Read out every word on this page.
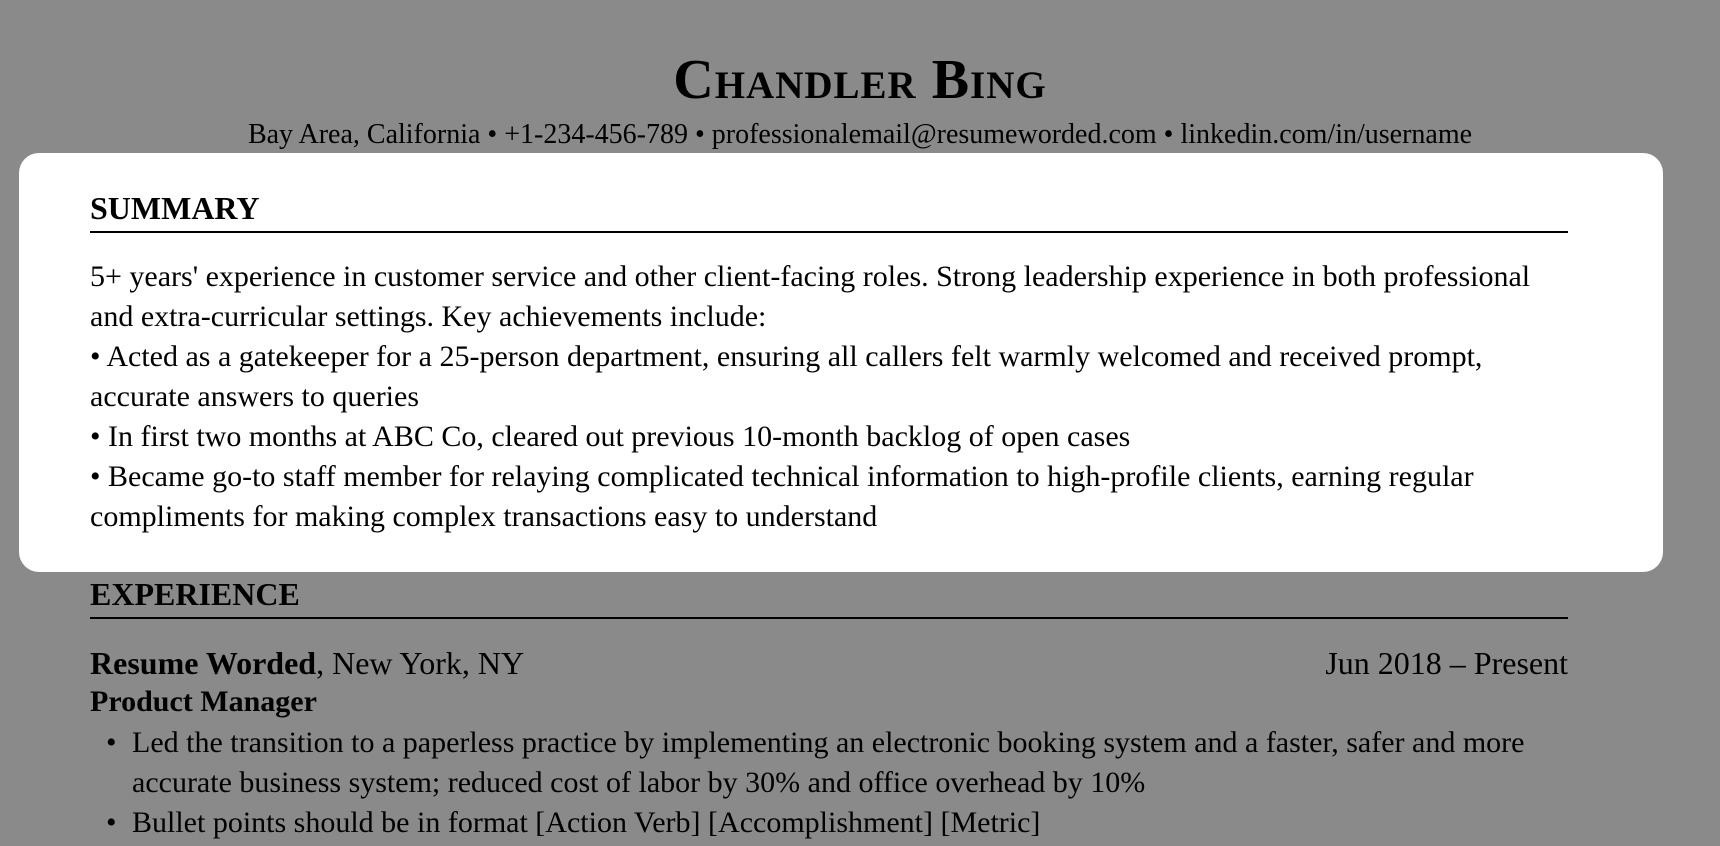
Chandler Bing
Bay Area, California • +1-234-456-789 • professionalemail@resumeworded.com • linkedin.com/in/username
SUMMARY

5+ years' experience in customer service and other client-facing roles. Strong leadership experience in both professional and extra-curricular settings. Key achievements include:

• Acted as a gatekeeper for a 25-person department, ensuring all callers felt warmly welcomed and received prompt, accurate answers to queries

• In first two months at ABC Co, cleared out previous 10-month backlog of open cases

• Became go-to staff member for relaying complicated technical information to high-profile clients, earning regular compliments for making complex transactions easy to understand

EXPERIENCE
Resume Worded, New York, NY	Jun 2018 – Present
Product Manager
• Led the transition to a paperless practice by implementing an electronic booking system and a faster, safer and more accurate business system; reduced cost of labor by 30% and office overhead by 10%
• Bullet points should be in format [Action Verb] [Accomplishment] [Metric]
